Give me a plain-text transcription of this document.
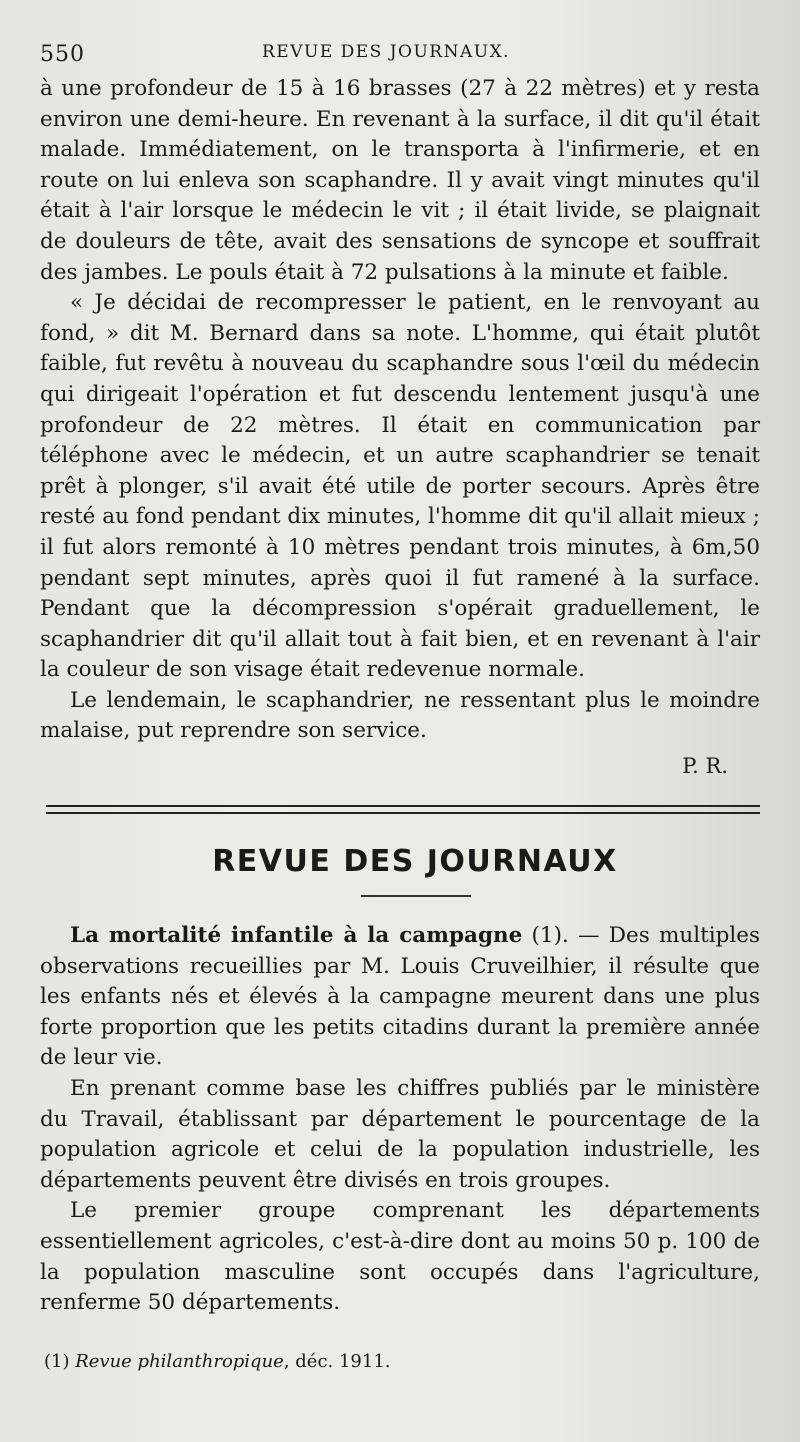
550	REVUE DES JOURNAUX.

à une profondeur de 15 à 16 brasses (27 à 22 mètres) et y resta environ une demi-heure. En revenant à la surface, il dit qu'il était malade. Immédiatement, on le transporta à l'infirmerie, et en route on lui enleva son scaphandre. Il y avait vingt minutes qu'il était à l'air lorsque le médecin le vit ; il était livide, se plaignait de douleurs de tête, avait des sensations de syncope et souffrait des jambes. Le pouls était à 72 pulsations à la minute et faible.

« Je décidai de recompresser le patient, en le renvoyant au fond, » dit M. Bernard dans sa note. L'homme, qui était plutôt faible, fut revêtu à nouveau du scaphandre sous l'œil du médecin qui dirigeait l'opération et fut descendu lentement jusqu'à une profondeur de 22 mètres. Il était en communication par téléphone avec le médecin, et un autre scaphandrier se tenait prêt à plonger, s'il avait été utile de porter secours. Après être resté au fond pendant dix minutes, l'homme dit qu'il allait mieux ; il fut alors remonté à 10 mètres pendant trois minutes, à 6m,50 pendant sept minutes, après quoi il fut ramené à la surface. Pendant que la décompression s'opérait graduellement, le scaphandrier dit qu'il allait tout à fait bien, et en revenant à l'air la couleur de son visage était redevenue normale.

Le lendemain, le scaphandrier, ne ressentant plus le moindre malaise, put reprendre son service.

P. R.
REVUE DES JOURNAUX

La mortalité infantile à la campagne (1). — Des multiples observations recueillies par M. Louis Cruveilhier, il résulte que les enfants nés et élevés à la campagne meurent dans une plus forte proportion que les petits citadins durant la première année de leur vie.

En prenant comme base les chiffres publiés par le ministère du Travail, établissant par département le pourcentage de la population agricole et celui de la population industrielle, les départements peuvent être divisés en trois groupes.

Le premier groupe comprenant les départements essentiellement agricoles, c'est-à-dire dont au moins 50 p. 100 de la population masculine sont occupés dans l'agriculture, renferme 50 départements.

(1) Revue philanthropique, déc. 1911.
